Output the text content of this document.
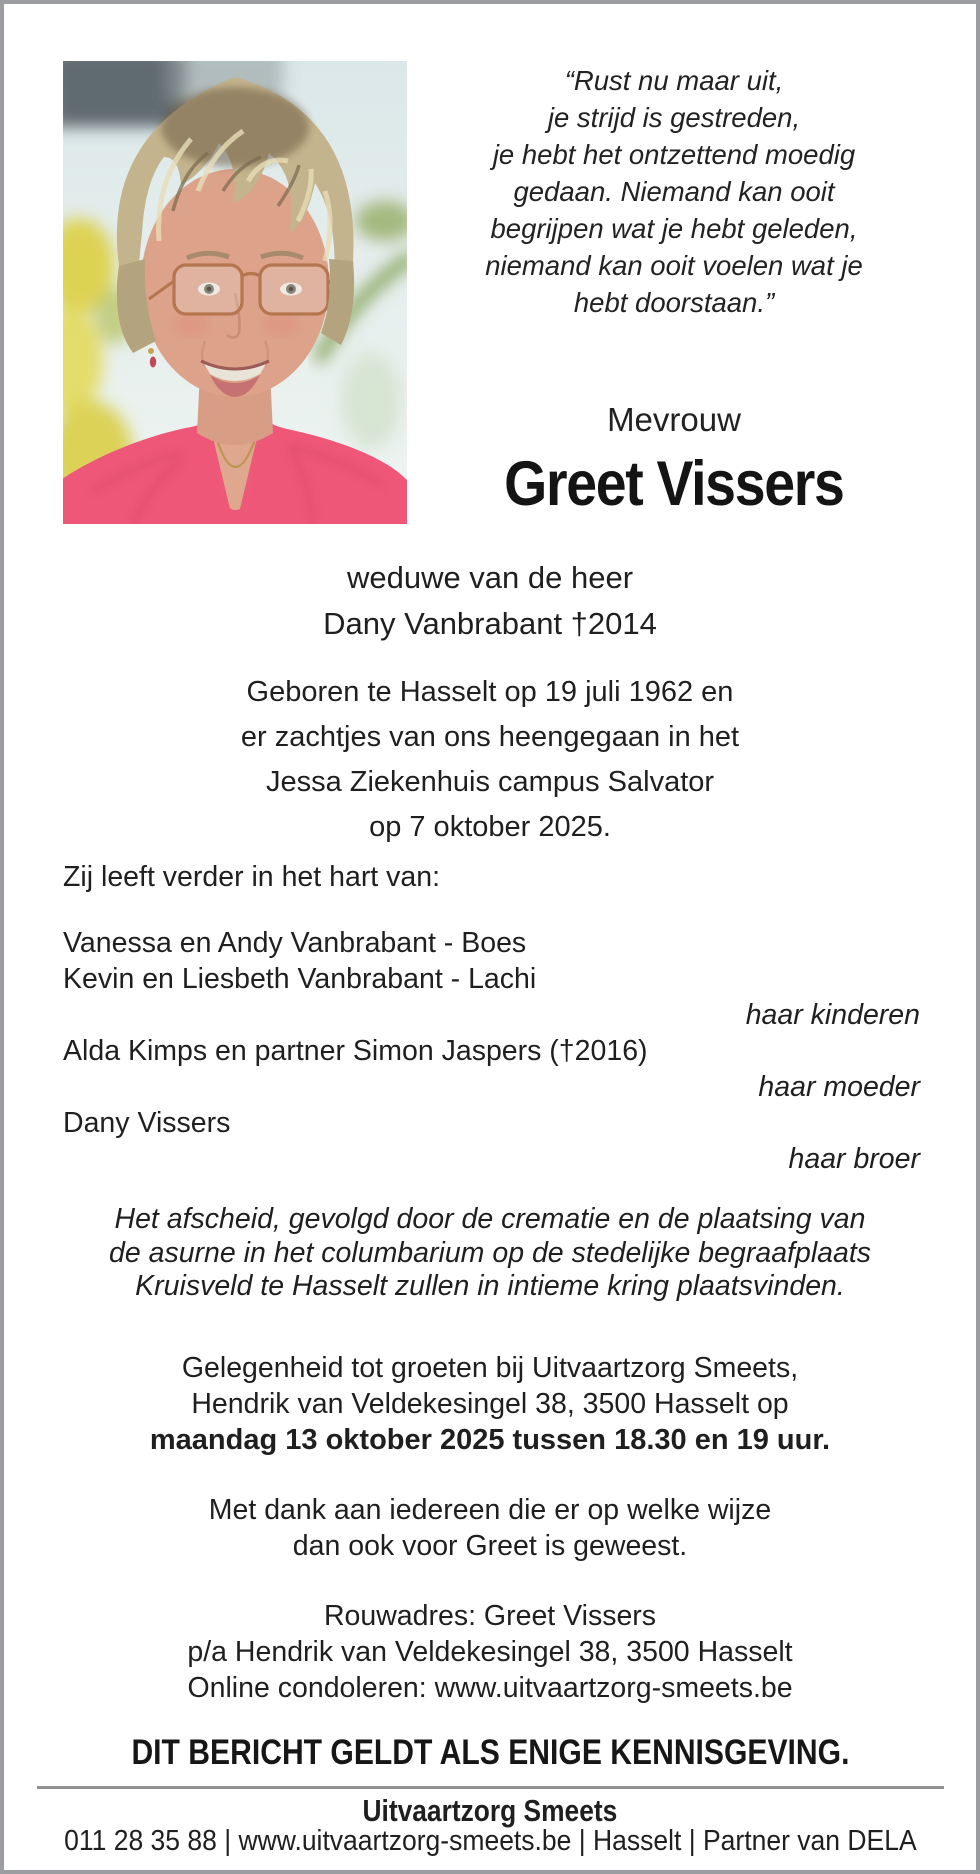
“Rust nu maar uit,
je strijd is gestreden,
je hebt het ontzettend moedig
gedaan. Niemand kan ooit
begrijpen wat je hebt geleden,
niemand kan ooit voelen wat je
hebt doorstaan.”
Mevrouw
Greet Vissers
weduwe van de heer
Dany Vanbrabant †2014
Geboren te Hasselt op 19 juli 1962 en
er zachtjes van ons heengegaan in het
Jessa Ziekenhuis campus Salvator
op 7 oktober 2025.
Zij leeft verder in het hart van:
Vanessa en Andy Vanbrabant - Boes
Kevin en Liesbeth Vanbrabant - Lachi
haar kinderen
Alda Kimps en partner Simon Jaspers (†2016)
haar moeder
Dany Vissers
haar broer
Het afscheid, gevolgd door de crematie en de plaatsing van
de asurne in het columbarium op de stedelijke begraafplaats
Kruisveld te Hasselt zullen in intieme kring plaatsvinden.
Gelegenheid tot groeten bij Uitvaartzorg Smeets,
Hendrik van Veldekesingel 38, 3500 Hasselt op
maandag 13 oktober 2025 tussen 18.30 en 19 uur.
Met dank aan iedereen die er op welke wijze
dan ook voor Greet is geweest.
Rouwadres: Greet Vissers
p/a Hendrik van Veldekesingel 38, 3500 Hasselt
Online condoleren: www.uitvaartzorg-smeets.be
DIT BERICHT GELDT ALS ENIGE KENNISGEVING.
Uitvaartzorg Smeets
011 28 35 88 | www.uitvaartzorg-smeets.be | Hasselt | Partner van DELA
